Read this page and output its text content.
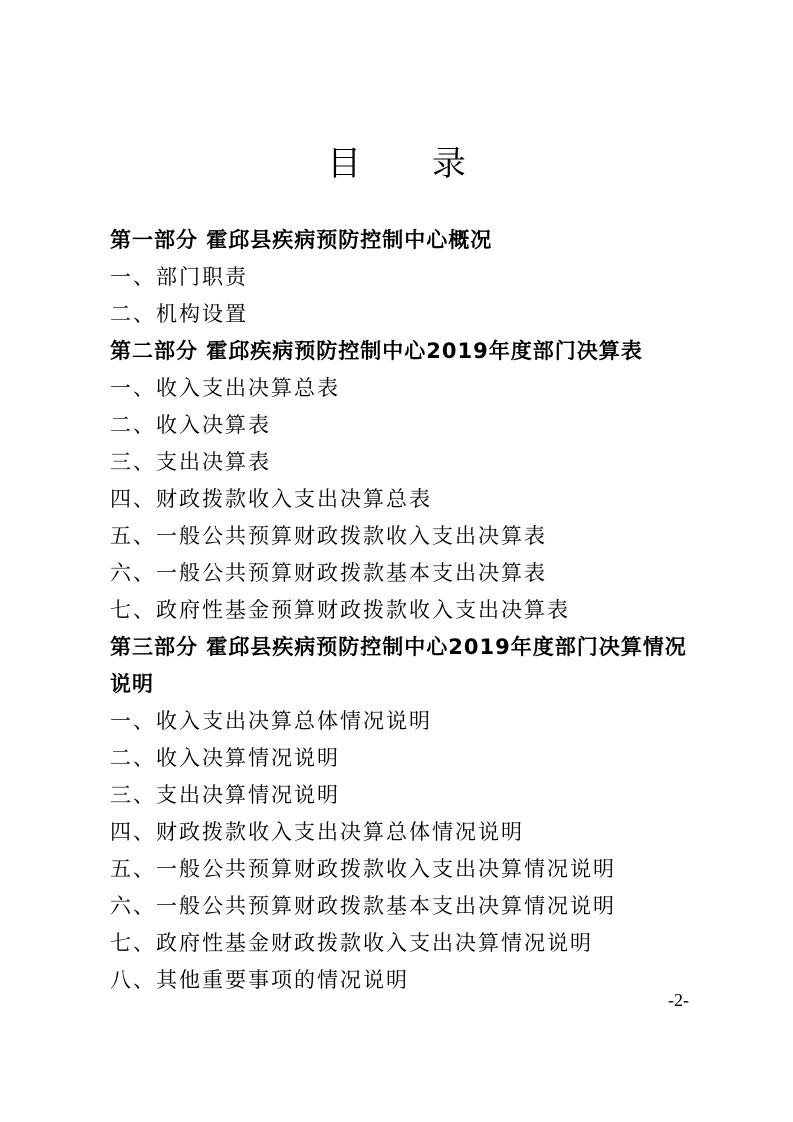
目 录
第一部分 霍邱县疾病预防控制中心概况
一、部门职责
二、机构设置
第二部分 霍邱疾病预防控制中心2019年度部门决算表
一、收入支出决算总表
二、收入决算表
三、支出决算表
四、财政拨款收入支出决算总表
五、一般公共预算财政拨款收入支出决算表
六、一般公共预算财政拨款基本支出决算表
七、政府性基金预算财政拨款收入支出决算表
第三部分 霍邱县疾病预防控制中心2019年度部门决算情况说明
一、收入支出决算总体情况说明
二、收入决算情况说明
三、支出决算情况说明
四、财政拨款收入支出决算总体情况说明
五、一般公共预算财政拨款收入支出决算情况说明
六、一般公共预算财政拨款基本支出决算情况说明
七、政府性基金财政拨款收入支出决算情况说明
八、其他重要事项的情况说明
-2-
